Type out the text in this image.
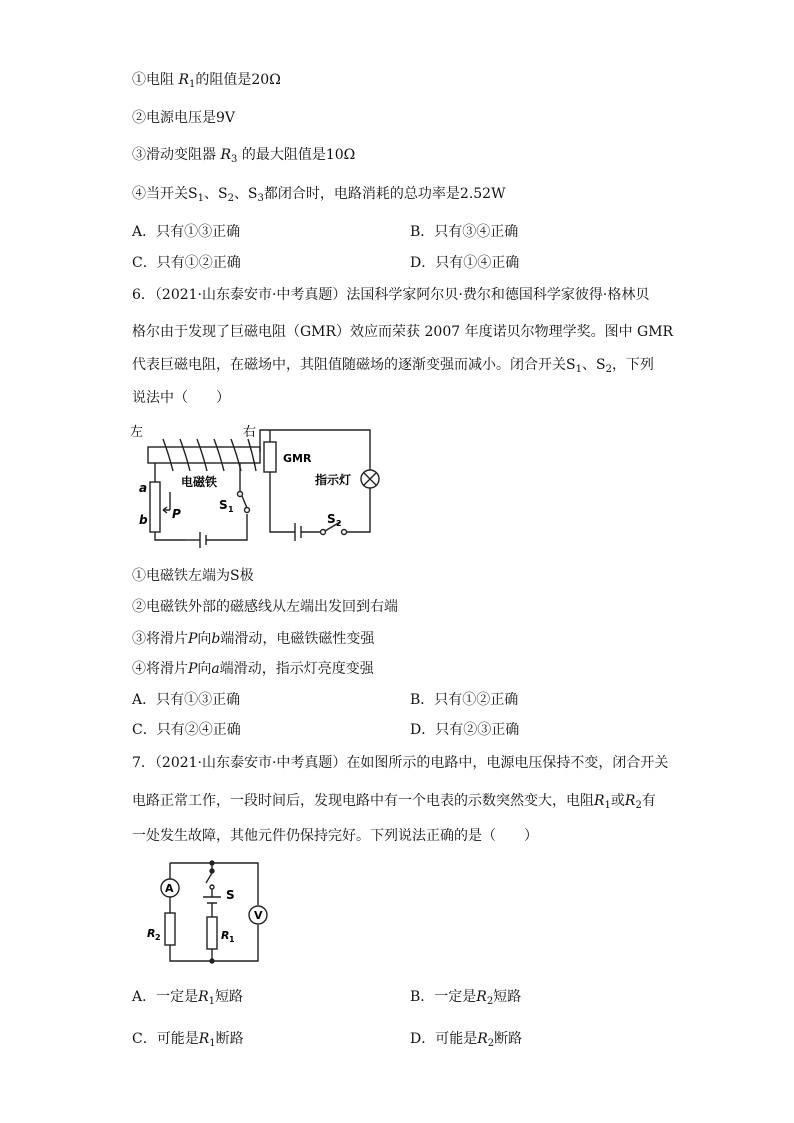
①电阻 $R_1$的阻值是20Ω
②电源电压是9V
③滑动变阻器 $R_3$ 的最大阻值是10Ω
④当开关$S_1$、$S_2$、$S_3$都闭合时，电路消耗的总功率是2.52W
A．只有①③正确	B．只有③④正确
C．只有①②正确	D．只有①④正确
6．（2021·山东泰安市·中考真题）法国科学家阿尔贝·费尔和德国科学家彼得·格林贝
格尔由于发现了巨磁电阻（GMR）效应而荣获 2007 年度诺贝尔物理学奖。图中 GMR
代表巨磁电阻，在磁场中，其阻值随磁场的逐渐变强而减小。闭合开关$S_1$、$S_2$，下列
说法中（　　）
左	右
电磁铁
GMR
指示灯
a
b P
S 1
S 2
①电磁铁左端为S极
②电磁铁外部的磁感线从左端出发回到右端
③将滑片P向b端滑动，电磁铁磁性变强
④将滑片P向a端滑动，指示灯亮度变强
A．只有①③正确	B．只有①②正确
C．只有②④正确	D．只有②③正确
7．（2021·山东泰安市·中考真题）在如图所示的电路中，电源电压保持不变，闭合开关
电路正常工作，一段时间后，发现电路中有一个电表的示数突然变大，电阻$R_1$或$R_2$有
一处发生故障，其他元件仍保持完好。下列说法正确的是（　　）
A
V
S
R 2	R 1
A．一定是$R_1$短路	B．一定是$R_2$短路
C．可能是$R_1$断路	D．可能是$R_2$断路
